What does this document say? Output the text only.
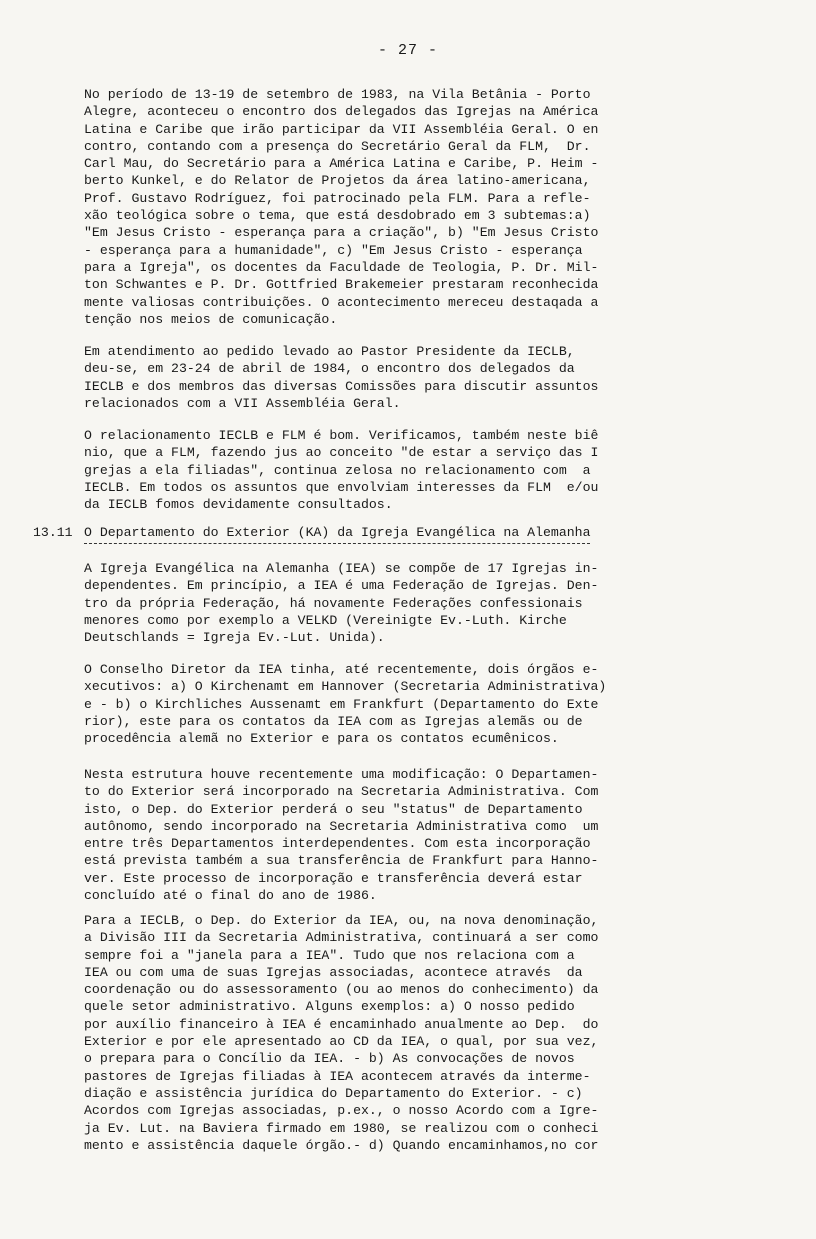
- 27 -

No período de 13-19 de setembro de 1983, na Vila Betânia - Porto
Alegre, aconteceu o encontro dos delegados das Igrejas na América
Latina e Caribe que irão participar da VII Assembléia Geral. O en
contro, contando com a presença do Secretário Geral da FLM,  Dr.
Carl Mau, do Secretário para a América Latina e Caribe, P. Heim -
berto Kunkel, e do Relator de Projetos da área latino-americana,
Prof. Gustavo Rodríguez, foi patrocinado pela FLM. Para a refle-
xão teológica sobre o tema, que está desdobrado em 3 subtemas:a)
"Em Jesus Cristo - esperança para a criação", b) "Em Jesus Cristo
- esperança para a humanidade", c) "Em Jesus Cristo - esperança
para a Igreja", os docentes da Faculdade de Teologia, P. Dr. Mil-
ton Schwantes e P. Dr. Gottfried Brakemeier prestaram reconhecida
mente valiosas contribuições. O acontecimento mereceu destaqada a
tenção nos meios de comunicação.

Em atendimento ao pedido levado ao Pastor Presidente da IECLB,
deu-se, em 23-24 de abril de 1984, o encontro dos delegados da
IECLB e dos membros das diversas Comissões para discutir assuntos
relacionados com a VII Assembléia Geral.

O relacionamento IECLB e FLM é bom. Verificamos, também neste biê
nio, que a FLM, fazendo jus ao conceito "de estar a serviço das I
grejas a ela filiadas", continua zelosa no relacionamento com  a
IECLB. Em todos os assuntos que envolviam interesses da FLM  e/ou
da IECLB fomos devidamente consultados.

13.11 O Departamento do Exterior (KA) da Igreja Evangélica na Alemanha

A Igreja Evangélica na Alemanha (IEA) se compõe de 17 Igrejas in-
dependentes. Em princípio, a IEA é uma Federação de Igrejas. Den-
tro da própria Federação, há novamente Federações confessionais
menores como por exemplo a VELKD (Vereinigte Ev.-Luth. Kirche
Deutschlands = Igreja Ev.-Lut. Unida).

O Conselho Diretor da IEA tinha, até recentemente, dois órgãos e-
xecutivos: a) O Kirchenamt em Hannover (Secretaria Administrativa)
e - b) o Kirchliches Aussenamt em Frankfurt (Departamento do Exte
rior), este para os contatos da IEA com as Igrejas alemãs ou de
procedência alemã no Exterior e para os contatos ecumênicos.

Nesta estrutura houve recentemente uma modificação: O Departamen-
to do Exterior será incorporado na Secretaria Administrativa. Com
isto, o Dep. do Exterior perderá o seu "status" de Departamento
autônomo, sendo incorporado na Secretaria Administrativa como  um
entre três Departamentos interdependentes. Com esta incorporação
está prevista também a sua transferência de Frankfurt para Hanno-
ver. Este processo de incorporação e transferência deverá estar
concluído até o final do ano de 1986.

Para a IECLB, o Dep. do Exterior da IEA, ou, na nova denominação,
a Divisão III da Secretaria Administrativa, continuará a ser como
sempre foi a "janela para a IEA". Tudo que nos relaciona com a
IEA ou com uma de suas Igrejas associadas, acontece através  da
coordenação ou do assessoramento (ou ao menos do conhecimento) da
quele setor administrativo. Alguns exemplos: a) O nosso pedido
por auxílio financeiro à IEA é encaminhado anualmente ao Dep.  do
Exterior e por ele apresentado ao CD da IEA, o qual, por sua vez,
o prepara para o Concílio da IEA. - b) As convocações de novos
pastores de Igrejas filiadas à IEA acontecem através da interme-
diação e assistência jurídica do Departamento do Exterior. - c)
Acordos com Igrejas associadas, p.ex., o nosso Acordo com a Igre-
ja Ev. Lut. na Baviera firmado em 1980, se realizou com o conheci
mento e assistência daquele órgão.- d) Quando encaminhamos,no cor
